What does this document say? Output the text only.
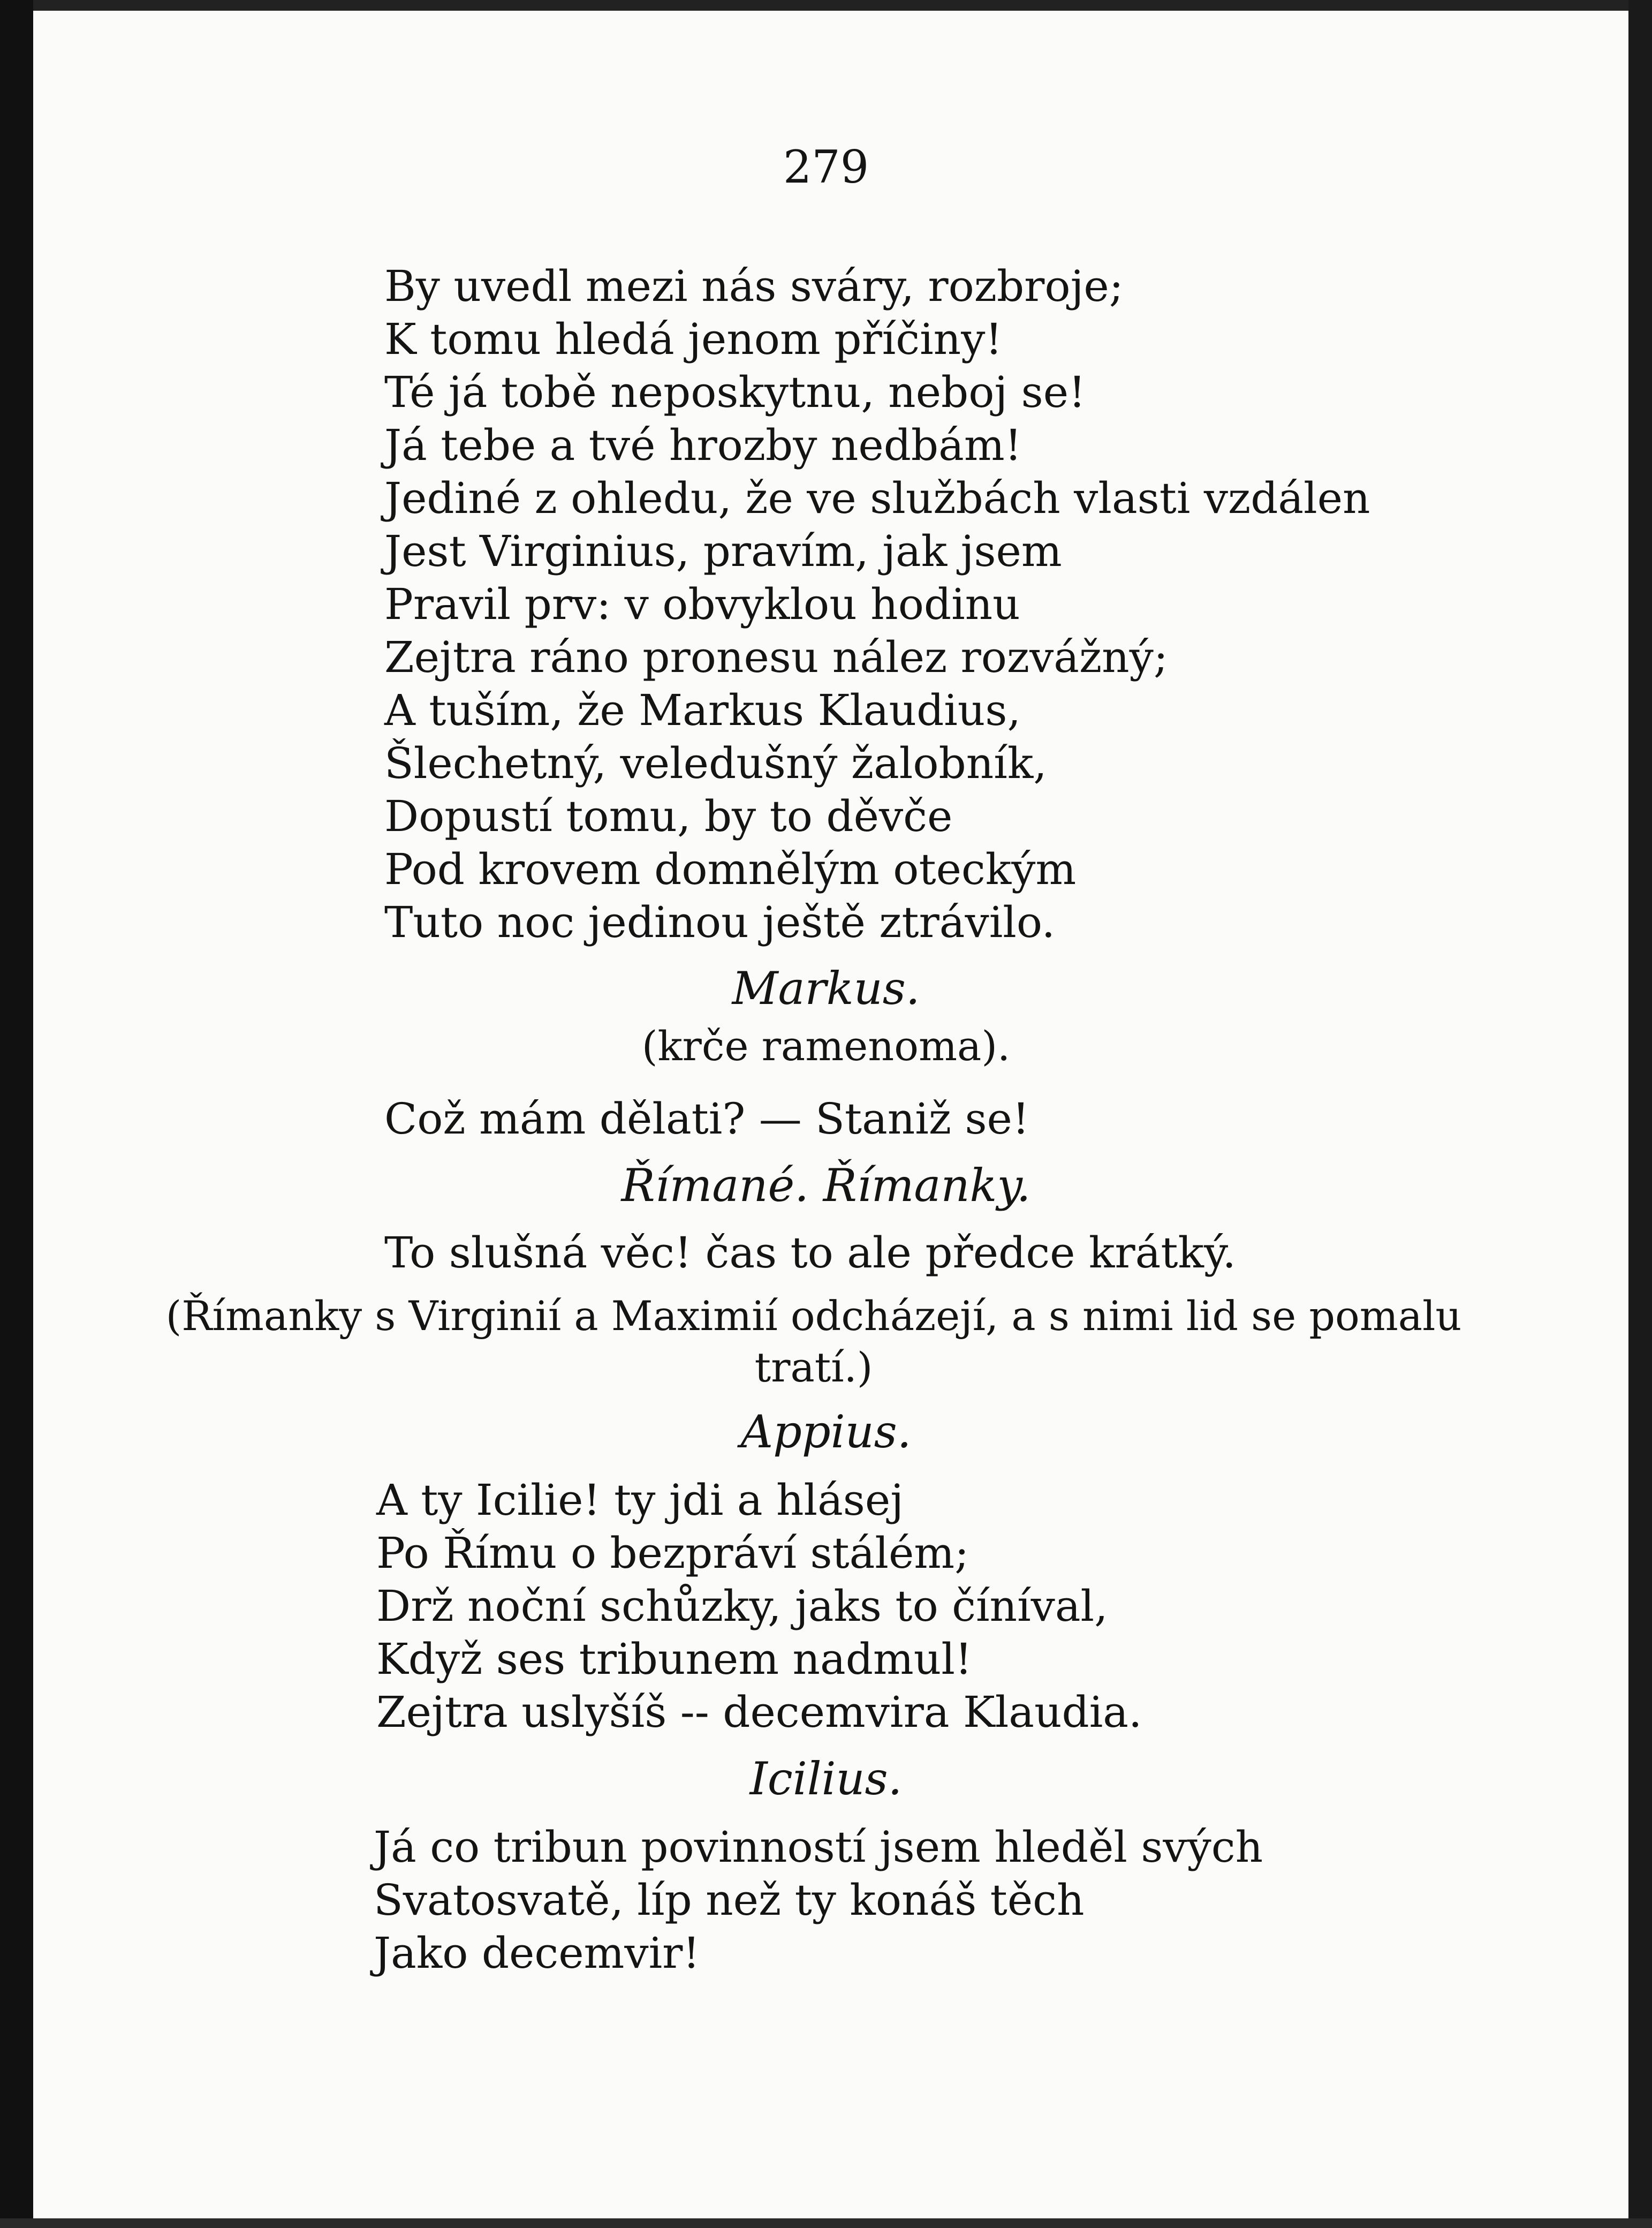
279
By uvedl mezi nás sváry, rozbroje;
K tomu hledá jenom příčiny!
Té já tobě neposkytnu, neboj se!
Já tebe a tvé hrozby nedbám!
Jediné z ohledu, že ve službách vlasti vzdálen
Jest Virginius, pravím, jak jsem
Pravil prv: v obvyklou hodinu
Zejtra ráno pronesu nález rozvážný;
A tuším, že Markus Klaudius,
Šlechetný, veledušný žalobník,
Dopustí tomu, by to děvče
Pod krovem domnělým oteckým
Tuto noc jedinou ještě ztrávilo.
Markus.
(krče ramenoma).
Což mám dělati? — Staniž se!
Římané. Římanky.
To slušná věc! čas to ale předce krátký.
(Římanky s Virginií a Maximií odcházejí, a s nimi lid se pomalu tratí.)
Appius.
A ty Icilie! ty jdi a hlásej
Po Římu o bezpráví stálém;
Drž noční schůzky, jaks to číníval,
Když ses tribunem nadmul!
Zejtra uslyšíš -- decemvira Klaudia.
Icilius.
Já co tribun povinností jsem hleděl svých
Svatosvatě, líp než ty konáš těch
Jako decemvir!
